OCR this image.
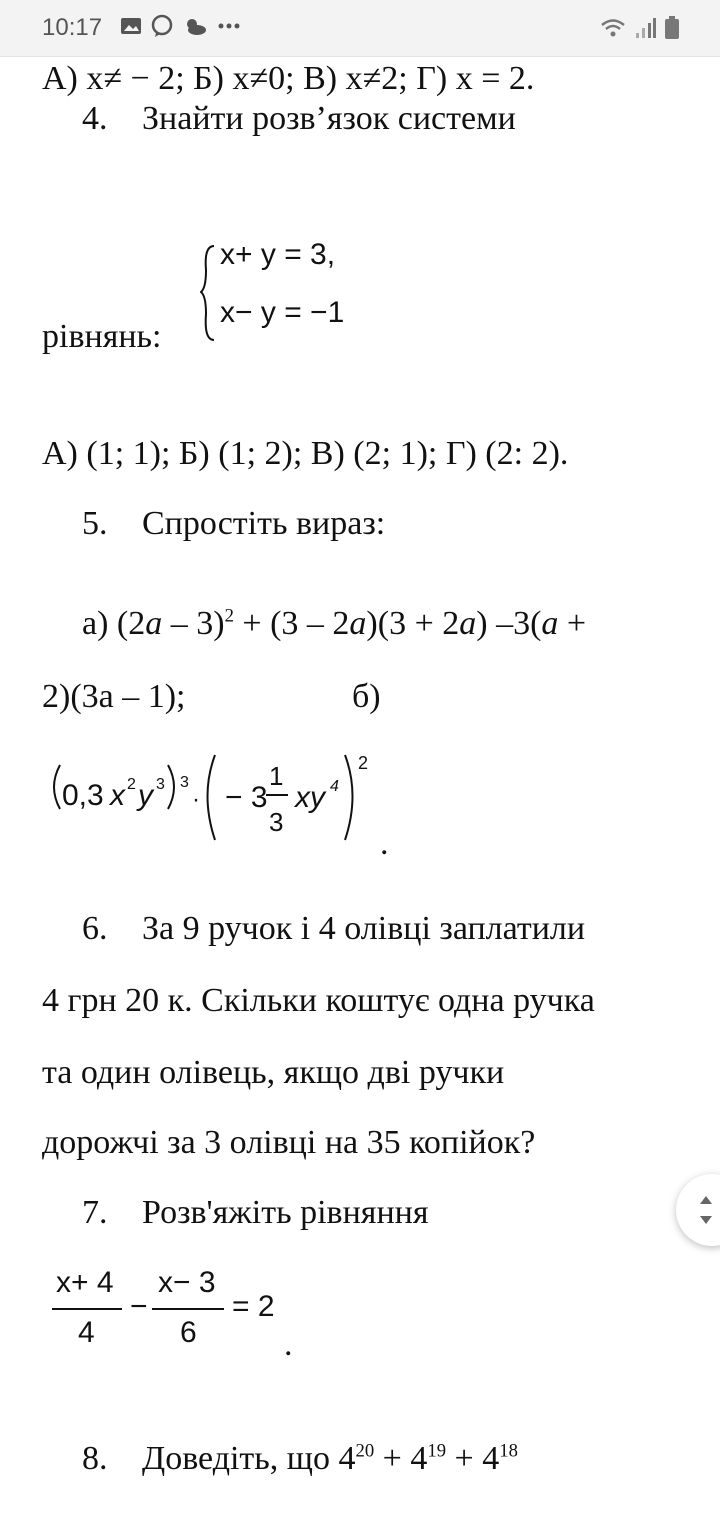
10:17
4. Знайти розв’язок системи
А) x≠ − 2; Б) x≠0; В) x≠2; Г) x = 2.
рівнянь:
x+ y = 3,
x− y = −1
А) (1; 1); Б) (1; 2); В) (2; 1); Г) (2: 2).
5. Спростіть вираз:
а) (2a – 3)$^2$ + (3 – 2a)(3 + 2a) –3(a +
2)(3a – 1);	б)
0,3 x 2 y 3 3
· − 3
1
3
xy 4
2
.
6. За 9 ручок і 4 олівці заплатили
4 грн 20 к. Скільки коштує одна ручка
та один олівець, якщо дві ручки
дорожчі за 3 олівці на 35 копійок?
7. Розв'яжіть рівняння
x+ 4
4
−
x− 3
6
= 2
.
8. Доведіть, що $4^{20} + 4^{19} + 4^{18}$
